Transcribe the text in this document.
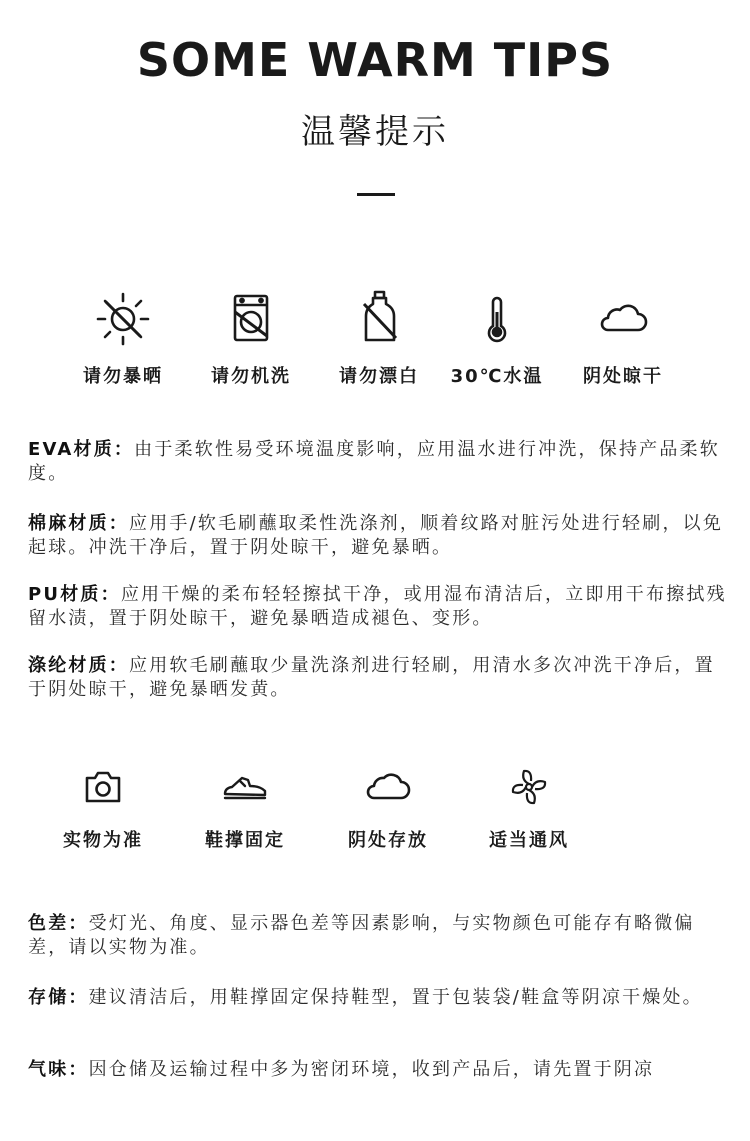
SOME WARM TIPS
温馨提示
请勿暴晒	请勿机洗	请勿漂白	30℃水温	阴处晾干
EVA材质：由于柔软性易受环境温度影响，应用温水进行冲洗，保持产品柔软度。
棉麻材质：应用手/软毛刷蘸取柔性洗涤剂，顺着纹路对脏污处进行轻刷，以免起球。冲洗干净后，置于阴处晾干，避免暴晒。
PU材质：应用干燥的柔布轻轻擦拭干净，或用湿布清洁后，立即用干布擦拭残留水渍，置于阴处晾干，避免暴晒造成褪色、变形。
涤纶材质：应用软毛刷蘸取少量洗涤剂进行轻刷，用清水多次冲洗干净后，置于阴处晾干，避免暴晒发黄。
实物为准	鞋撑固定	阴处存放	适当通风
色差：受灯光、角度、显示器色差等因素影响，与实物颜色可能存有略微偏差，请以实物为准。
存储：建议清洁后，用鞋撑固定保持鞋型，置于包装袋/鞋盒等阴凉干燥处。
气味：因仓储及运输过程中多为密闭环境，收到产品后，请先置于阴凉
